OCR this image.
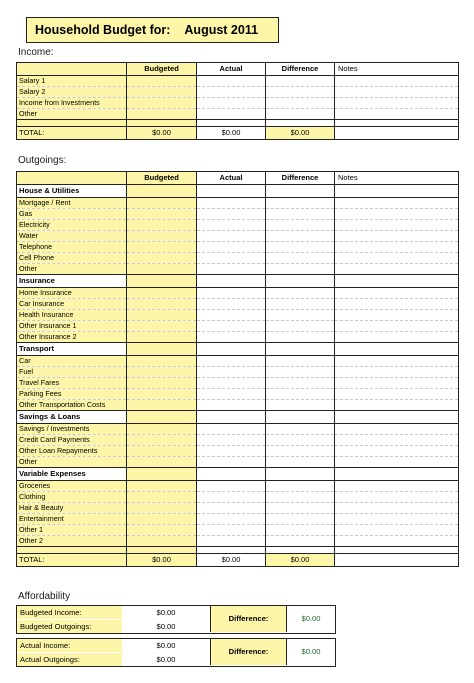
Household Budget for: August 2011
Income:
	Budgeted	Actual	Difference	Notes
Salary 1				
Salary 2				
Income from Investments				
Other				

TOTAL:	$0.00	$0.00	$0.00	
Outgoings:
	Budgeted	Actual	Difference	Notes
House & Utilities				
Mortgage / Rent				
Gas				
Electricity				
Water				
Telephone				
Cell Phone				
Other				
Insurance				
Home Insurance				
Car Insurance				
Health Insurance				
Other Insurance 1				
Other Insurance 2				
Transport				
Car				
Fuel				
Travel Fares				
Parking Fees				
Other Transportation Costs				
Savings & Loans				
Savings / Investments				
Credit Card Payments				
Other Loan Repayments				
Other				
Variable Expenses				
Groceries				
Clothing				
Hair & Beauty				
Entertainment				
Other 1				
Other 2				

TOTAL:	$0.00	$0.00	$0.00	
Affordability
Budgeted Income:	$0.00
Budgeted Outgoings:	$0.00
Difference:	$0.00
Actual Income:	$0.00
Actual Outgoings:	$0.00
Difference:	$0.00
